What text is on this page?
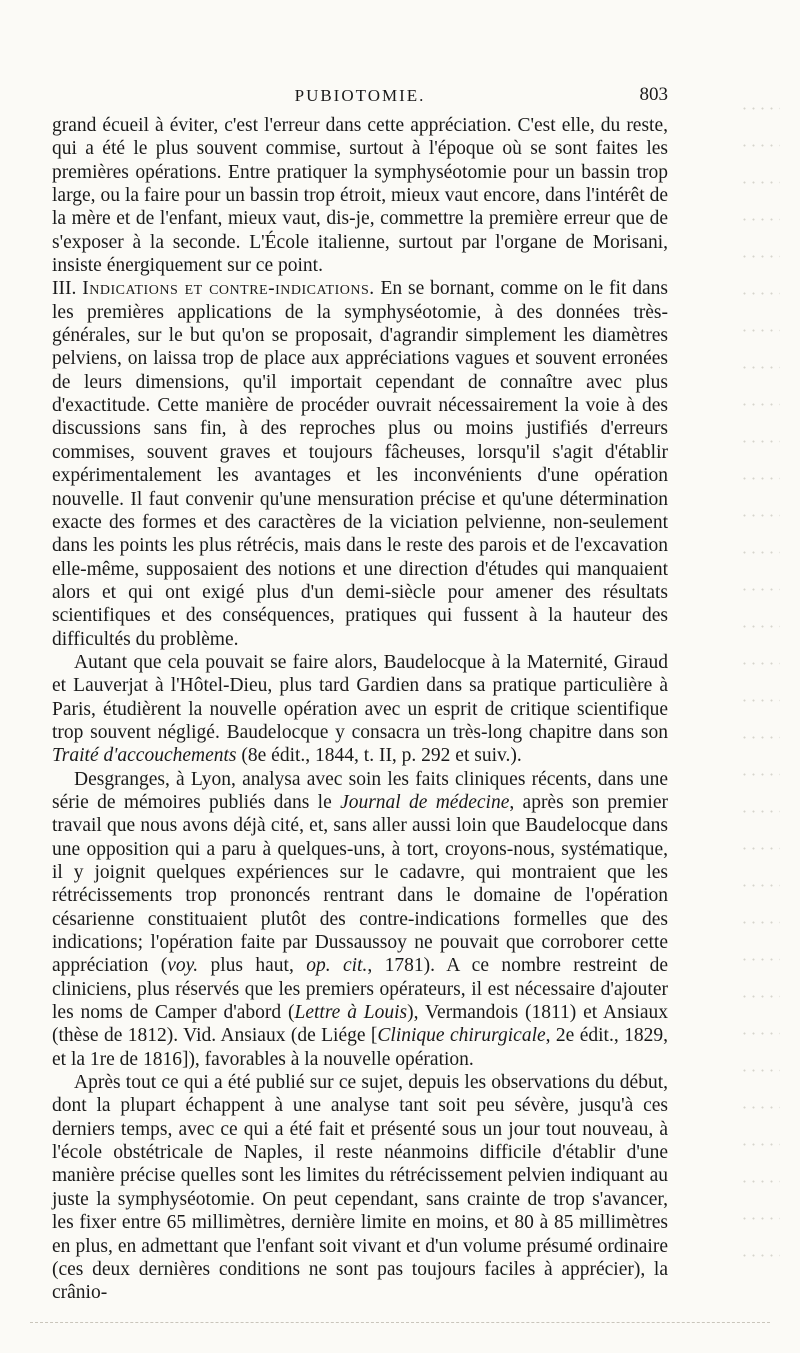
PUBIOTOMIE.	803

grand écueil à éviter, c'est l'erreur dans cette appréciation. C'est elle, du reste, qui a été le plus souvent commise, surtout à l'époque où se sont faites les premières opérations. Entre pratiquer la symphyséotomie pour un bassin trop large, ou la faire pour un bassin trop étroit, mieux vaut encore, dans l'intérêt de la mère et de l'enfant, mieux vaut, dis-je, commettre la première erreur que de s'exposer à la seconde. L'École italienne, surtout par l'organe de Morisani, insiste énergiquement sur ce point.

III. Indications et contre-indications. En se bornant, comme on le fit dans les premières applications de la symphyséotomie, à des données très-générales, sur le but qu'on se proposait, d'agrandir simplement les diamètres pelviens, on laissa trop de place aux appréciations vagues et souvent erronées de leurs dimensions, qu'il importait cependant de connaître avec plus d'exactitude. Cette manière de procéder ouvrait nécessairement la voie à des discussions sans fin, à des reproches plus ou moins justifiés d'erreurs commises, souvent graves et toujours fâcheuses, lorsqu'il s'agit d'établir expérimentalement les avantages et les inconvénients d'une opération nouvelle. Il faut convenir qu'une mensuration précise et qu'une détermination exacte des formes et des caractères de la viciation pelvienne, non-seulement dans les points les plus rétrécis, mais dans le reste des parois et de l'excavation elle-même, supposaient des notions et une direction d'études qui manquaient alors et qui ont exigé plus d'un demi-siècle pour amener des résultats scientifiques et des conséquences, pratiques qui fussent à la hauteur des difficultés du problème.

Autant que cela pouvait se faire alors, Baudelocque à la Maternité, Giraud et Lauverjat à l'Hôtel-Dieu, plus tard Gardien dans sa pratique particulière à Paris, étudièrent la nouvelle opération avec un esprit de critique scientifique trop souvent négligé. Baudelocque y consacra un très-long chapitre dans son Traité d'accouchements (8e édit., 1844, t. II, p. 292 et suiv.).

Desgranges, à Lyon, analysa avec soin les faits cliniques récents, dans une série de mémoires publiés dans le Journal de médecine, après son premier travail que nous avons déjà cité, et, sans aller aussi loin que Baudelocque dans une opposition qui a paru à quelques-uns, à tort, croyons-nous, systématique, il y joignit quelques expériences sur le cadavre, qui montraient que les rétrécissements trop prononcés rentrant dans le domaine de l'opération césarienne constituaient plutôt des contre-indications formelles que des indications; l'opération faite par Dussaussoy ne pouvait que corroborer cette appréciation (voy. plus haut, op. cit., 1781). A ce nombre restreint de cliniciens, plus réservés que les premiers opérateurs, il est nécessaire d'ajouter les noms de Camper d'abord (Lettre à Louis), Vermandois (1811) et Ansiaux (thèse de 1812). Vid. Ansiaux (de Liége [Clinique chirurgicale, 2e édit., 1829, et la 1re de 1816]), favorables à la nouvelle opération.

Après tout ce qui a été publié sur ce sujet, depuis les observations du début, dont la plupart échappent à une analyse tant soit peu sévère, jusqu'à ces derniers temps, avec ce qui a été fait et présenté sous un jour tout nouveau, à l'école obstétricale de Naples, il reste néanmoins difficile d'établir d'une manière précise quelles sont les limites du rétrécissement pelvien indiquant au juste la symphyséotomie. On peut cependant, sans crainte de trop s'avancer, les fixer entre 65 millimètres, dernière limite en moins, et 80 à 85 millimètres en plus, en admettant que l'enfant soit vivant et d'un volume présumé ordinaire (ces deux dernières conditions ne sont pas toujours faciles à apprécier), la crânio-
